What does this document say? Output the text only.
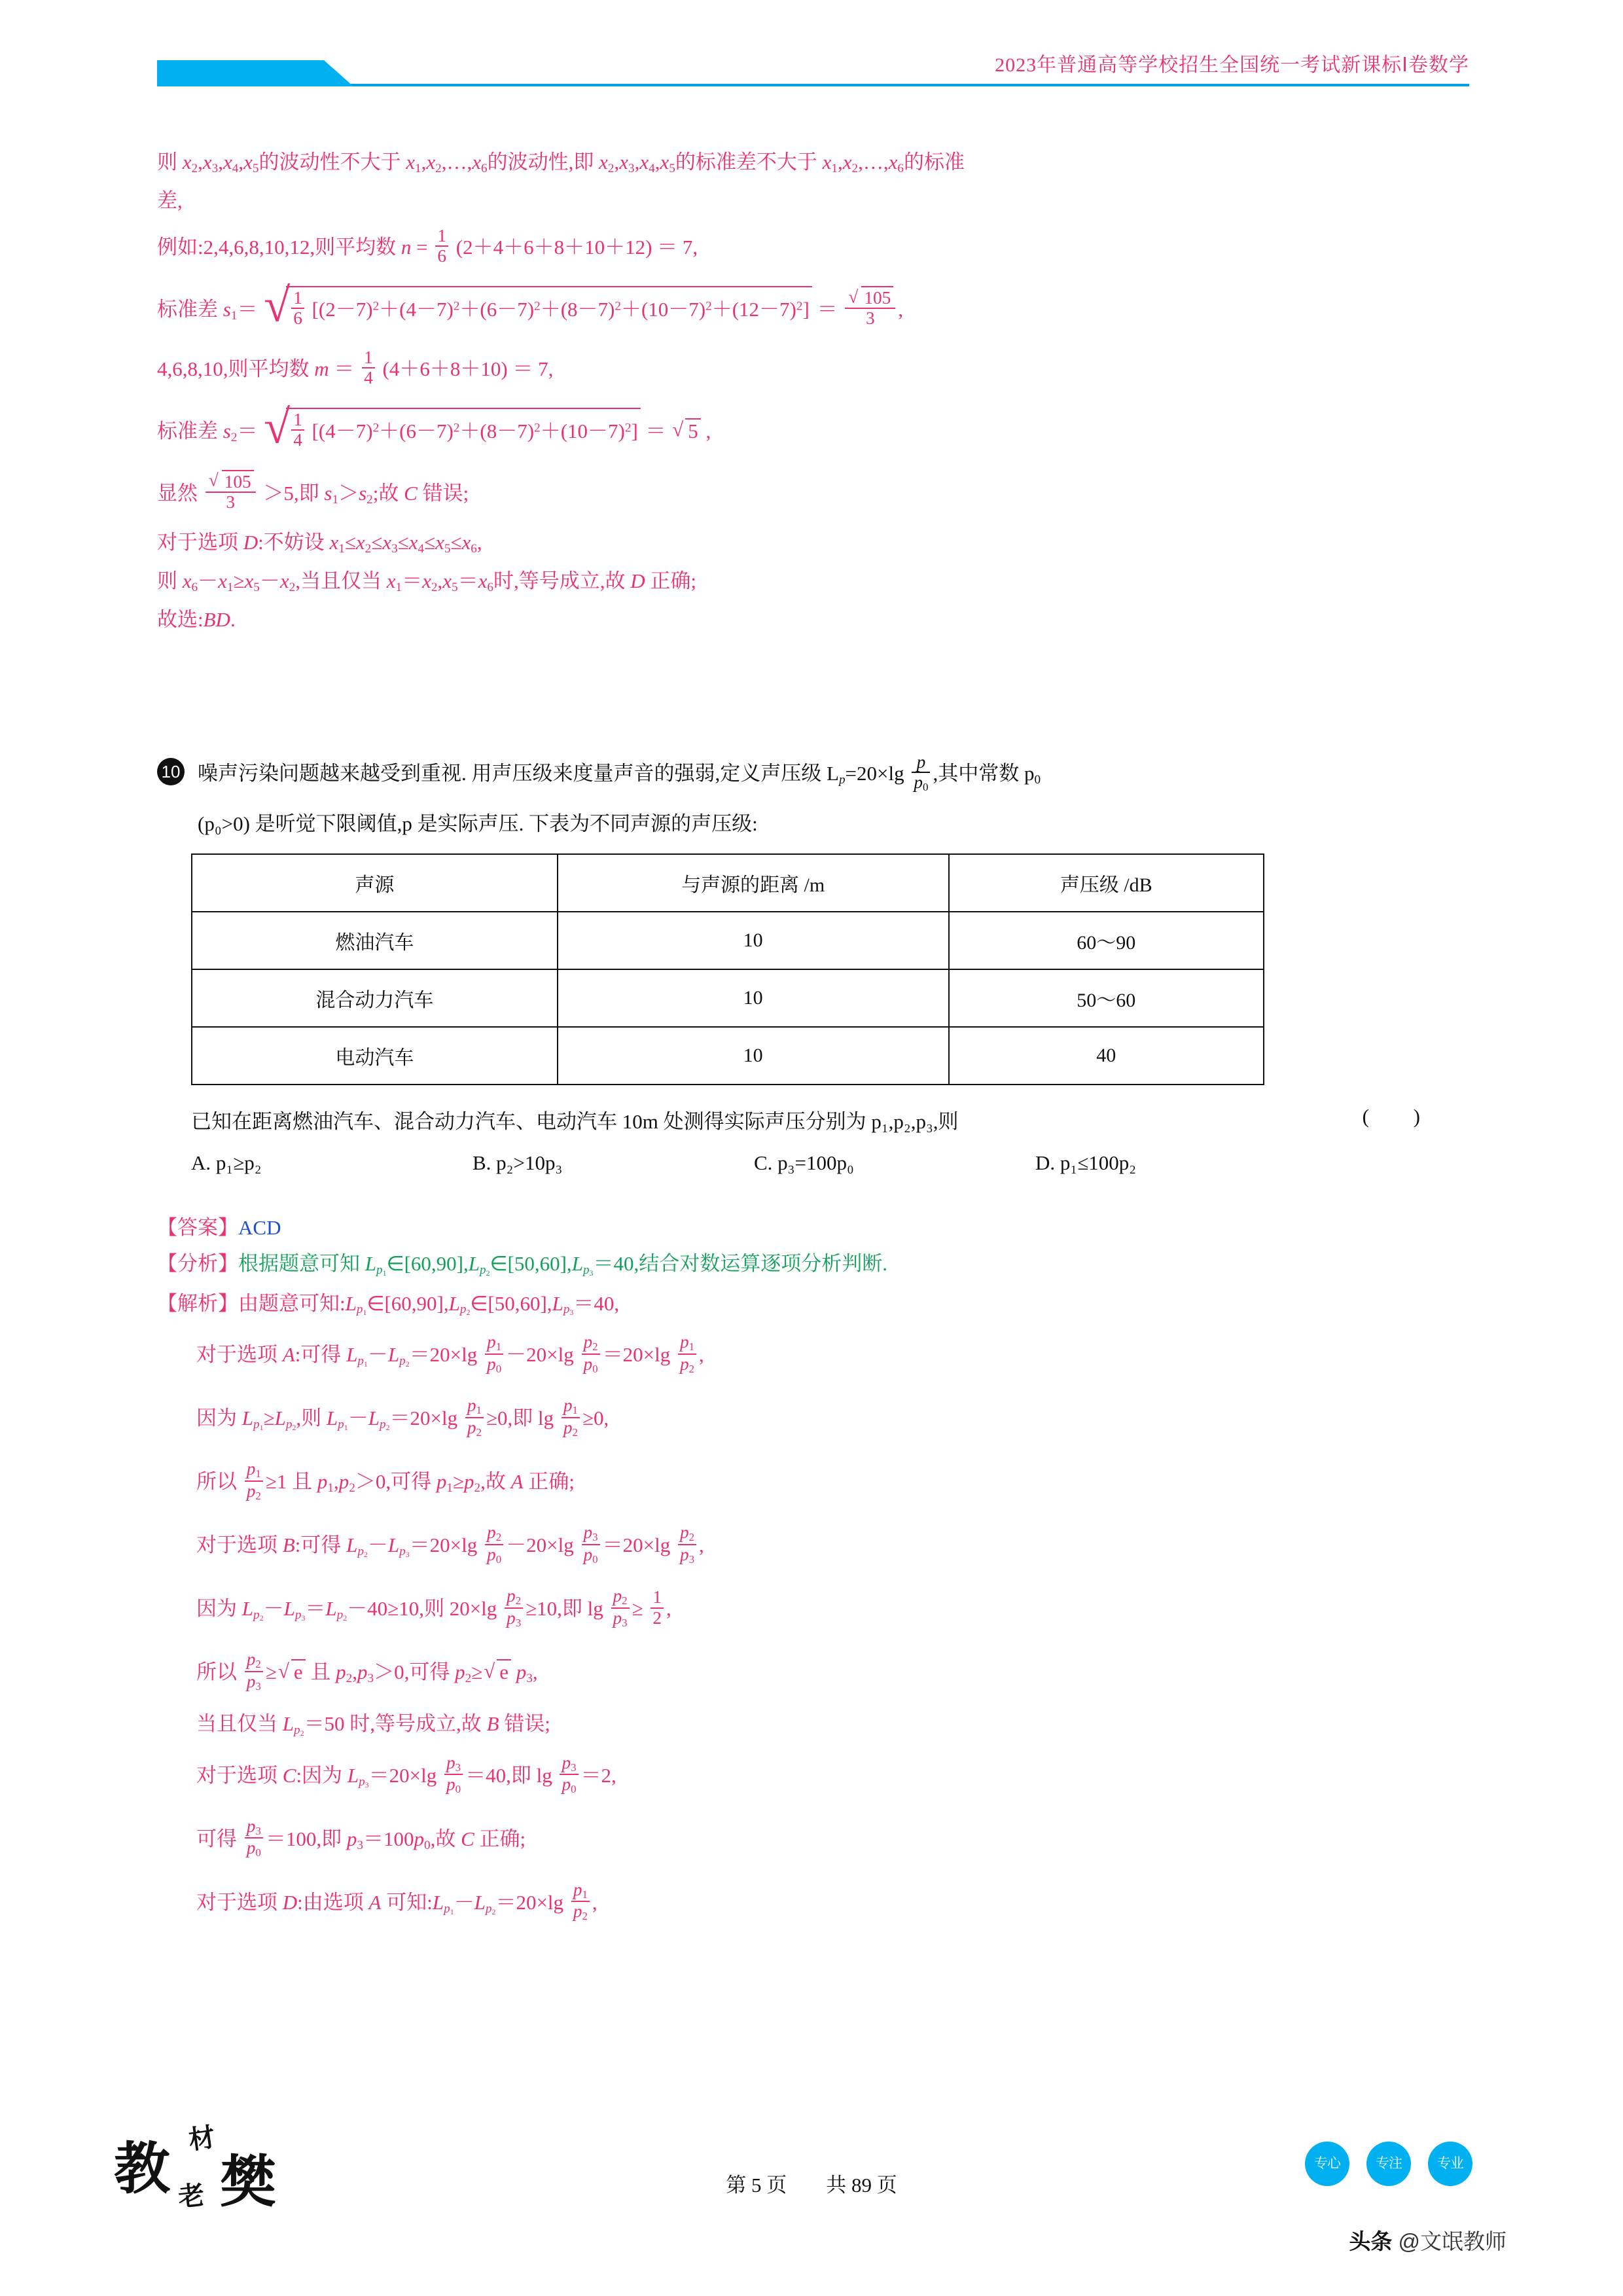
2023年普通高等学校招生全国统一考试新课标Ⅰ卷数学
则 $x_2,x_3,x_4,x_5$的波动性不大于 $x_1,x_2,\dots,x_6$的波动性,即 $x_2,x_3,x_4,x_5$的标准差不大于 $x_1,x_2,\dots,x_6$的标准
差,
例如:2,4,6,8,10,12,则平均数 $n = \frac{1}{6} (2+4+6+8+10+12) = 7$,
标准差 $s_1=$ √ $\frac{1}{6} [(2-7)^2+(4-7)^2+(6-7)^2+(8-7)^2+(10-7)^2+(12-7)^2] = \frac{√ 105}{3}$ ,
4,6,8,10,则平均数 $m = \frac{1}{4} (4+6+8+10) = 7$,
标准差 $s_2=$ √ $\frac{1}{4} [(4-7)^2+(6-7)^2+(8-7)^2+(10-7)^2]$ ＝ √ 5 ,
显然 $\frac{√ 105}{3} >5$,即 $s_1>s_2$;故 C 错误;
对于选项 D:不妨设 $x_1\le x_2\le x_3\le x_4\le x_5\le x_6$,
则 $x_6-x_1\ge x_5-x_2$,当且仅当 $x_1=x_2,x_5=x_6$时,等号成立,故 D 正确;
故选:BD.
10 噪声污染问题越来越受到重视. 用声压级来度量声音的强弱,定义声压级 $L_p=20\times\lg \frac{p}{p_0}$ ,其中常数 $p_0$
(p₀>0) 是听觉下限阈值,p 是实际声压. 下表为不同声源的声压级:
声源	与声源的距离 /m	声压级 /dB
燃油汽车	10	60～90
混合动力汽车	10	50～60
电动汽车	10	40
已知在距离燃油汽车、混合动力汽车、电动汽车 10m 处测得实际声压分别为 p₁,p₂,p₃,则	( )
A. p₁≥p₂	B. p₂>10p₃	C. p₃=100p₀	D. p₁≤100p₂
【答案】ACD
【分析】根据题意可知 $L_{p_1}\in[60,90],L_{p_2}\in[50,60],L_{p_3}=40$,结合对数运算逐项分析判断.
【解析】由题意可知$:L_{p_1}\in[60,90],L_{p_2}\in[50,60],L_{p_3}=40$,
对于选项 A:可得 $L_{p_1}-L_{p_2}=20\times\lg \frac{p_1}{p_0} -20\times\lg \frac{p_2}{p_0} =20\times\lg \frac{p_1}{p_2}$ ,
因为 $L_{p_1}\ge L_{p_2}$,则 $L_{p_1}-L_{p_2}=20\times\lg \frac{p_1}{p_2} \ge 0$,即 $\lg \frac{p_1}{p_2} \ge 0$,
所以 $\frac{p_1}{p_2} \ge 1$ 且 $p_1,p_2>0$,可得 $p_1\ge p_2$,故 A 正确;
对于选项 B:可得 $L_{p_2}-L_{p_3}=20\times\lg \frac{p_2}{p_0} -20\times\lg \frac{p_3}{p_0} =20\times\lg \frac{p_2}{p_3}$ ,
因为 $L_{p_2}-L_{p_3}=L_{p_2}-40\ge 10$,则 $20\times\lg \frac{p_2}{p_3} \ge 10$,即 $\lg \frac{p_2}{p_3} \ge \frac{1}{2}$ ,
所以 $\frac{p_2}{p_3}$ ≥ √ e 且 $p_2,p_3>0$,可得 $p_2\ge$ √ e $p_3$,
当且仅当 $L_{p_2}=50$ 时,等号成立,故 B 错误;
对于选项 C:因为 $L_{p_3}=20\times\lg \frac{p_3}{p_0} =40$,即 $\lg \frac{p_3}{p_0} =2$,
可得 $\frac{p_3}{p_0} =100$,即 $p_3=100p_0$,故 C 正确;
对于选项 D:由选项 A 可知$:L_{p_1}-L_{p_2}=20\times\lg \frac{p_1}{p_2}$ ,
教 材
老 樊	第 5 页 共 89 页
专心	专注	专业
头条 @文氓教师
